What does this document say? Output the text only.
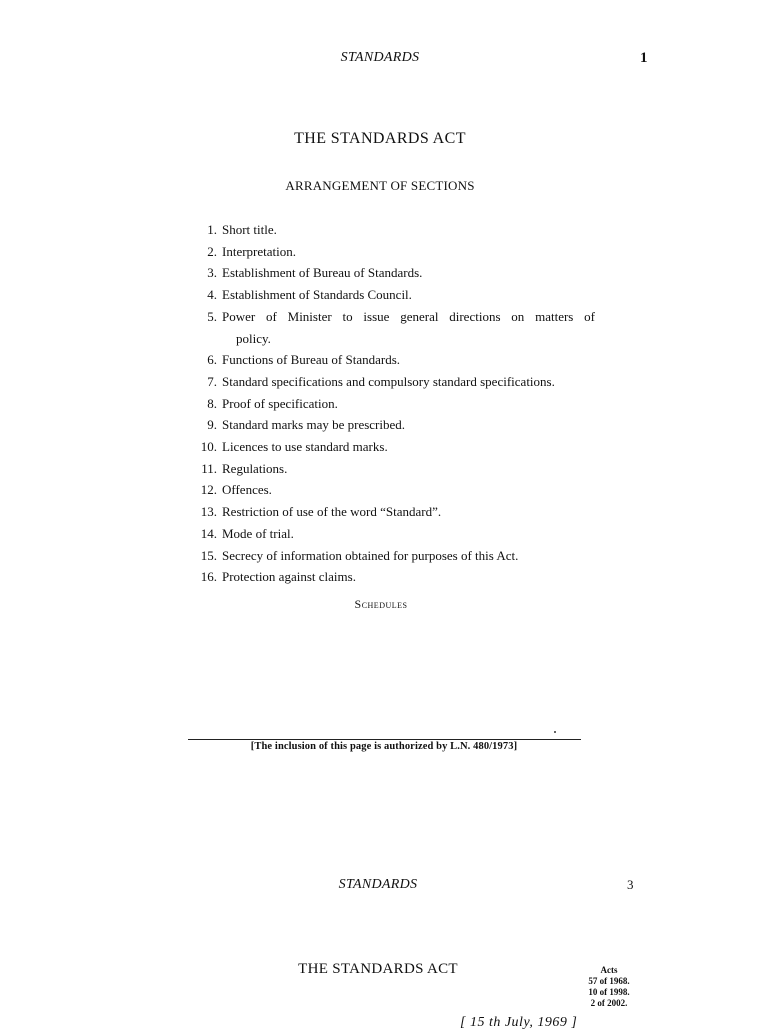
STANDARDS	1
THE STANDARDS ACT
ARRANGEMENT OF SECTIONS
1. Short title.
2. Interpretation.
3. Establishment of Bureau of Standards.
4. Establishment of Standards Council.
5. Power of Minister to issue general directions on matters of
policy.
6. Functions of Bureau of Standards.
7. Standard specifications and compulsory standard specifications.
8. Proof of specification.
9. Standard marks may be prescribed.
10. Licences to use standard marks.
11. Regulations.
12. Offences.
13. Restriction of use of the word “Standard”.
14. Mode of trial.
15. Secrecy of information obtained for purposes of this Act.
16. Protection against claims.
Schedules
[The inclusion of this page is authorized by L.N. 480/1973]
STANDARDS	3
THE STANDARDS ACT	Acts
57 of 1968.
10 of 1998.
2 of 2002.
[ 15 th July, 1969 ]
